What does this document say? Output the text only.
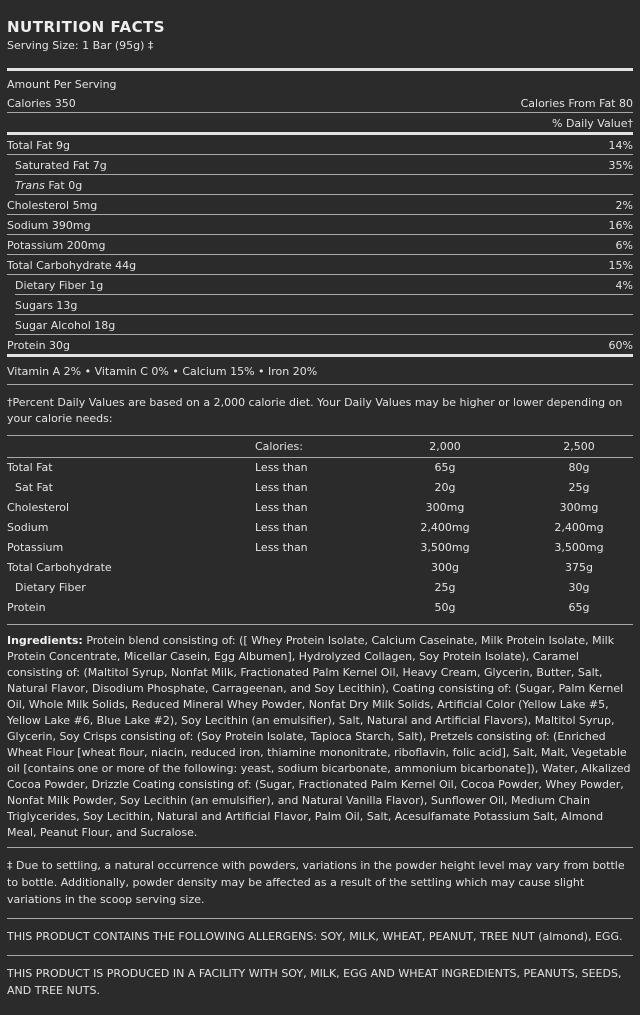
NUTRITION FACTS
Serving Size: 1 Bar (95g) ‡
Amount Per Serving
Calories 350	Calories From Fat 80
% Daily Value†
Total Fat 9g	14%
Saturated Fat 7g	35%
Trans Fat 0g
Cholesterol 5mg	2%
Sodium 390mg	16%
Potassium 200mg	6%
Total Carbohydrate 44g	15%
Dietary Fiber 1g	4%
Sugars 13g
Sugar Alcohol 18g
Protein 30g	60%
Vitamin A 2% • Vitamin C 0% • Calcium 15% • Iron 20%
†Percent Daily Values are based on a 2,000 calorie diet. Your Daily Values may be higher or lower depending on your calorie needs:
	Calories:	2,000	2,500
Total Fat	Less than	65g	80g
Sat Fat	Less than	20g	25g
Cholesterol	Less than	300mg	300mg
Sodium	Less than	2,400mg	2,400mg
Potassium	Less than	3,500mg	3,500mg
Total Carbohydrate		300g	375g
Dietary Fiber		25g	30g
Protein		50g	65g
Ingredients: Protein blend consisting of: ([ Whey Protein Isolate, Calcium Caseinate, Milk Protein Isolate, Milk Protein Concentrate, Micellar Casein, Egg Albumen], Hydrolyzed Collagen, Soy Protein Isolate), Caramel consisting of: (Maltitol Syrup, Nonfat Milk, Fractionated Palm Kernel Oil, Heavy Cream, Glycerin, Butter, Salt, Natural Flavor, Disodium Phosphate, Carrageenan, and Soy Lecithin), Coating consisting of: (Sugar, Palm Kernel Oil, Whole Milk Solids, Reduced Mineral Whey Powder, Nonfat Dry Milk Solids, Artificial Color (Yellow Lake #5, Yellow Lake #6, Blue Lake #2), Soy Lecithin (an emulsifier), Salt, Natural and Artificial Flavors), Maltitol Syrup, Glycerin, Soy Crisps consisting of: (Soy Protein Isolate, Tapioca Starch, Salt), Pretzels consisting of: (Enriched Wheat Flour [wheat flour, niacin, reduced iron, thiamine mononitrate, riboflavin, folic acid], Salt, Malt, Vegetable oil [contains one or more of the following: yeast, sodium bicarbonate, ammonium bicarbonate]), Water, Alkalized Cocoa Powder, Drizzle Coating consisting of: (Sugar, Fractionated Palm Kernel Oil, Cocoa Powder, Whey Powder, Nonfat Milk Powder, Soy Lecithin (an emulsifier), and Natural Vanilla Flavor), Sunflower Oil, Medium Chain Triglycerides, Soy Lecithin, Natural and Artificial Flavor, Palm Oil, Salt, Acesulfamate Potassium Salt, Almond Meal, Peanut Flour, and Sucralose.
‡ Due to settling, a natural occurrence with powders, variations in the powder height level may vary from bottle to bottle. Additionally, powder density may be affected as a result of the settling which may cause slight variations in the scoop serving size.
THIS PRODUCT CONTAINS THE FOLLOWING ALLERGENS: SOY, MILK, WHEAT, PEANUT, TREE NUT (almond), EGG.
THIS PRODUCT IS PRODUCED IN A FACILITY WITH SOY, MILK, EGG AND WHEAT INGREDIENTS, PEANUTS, SEEDS, AND TREE NUTS.
